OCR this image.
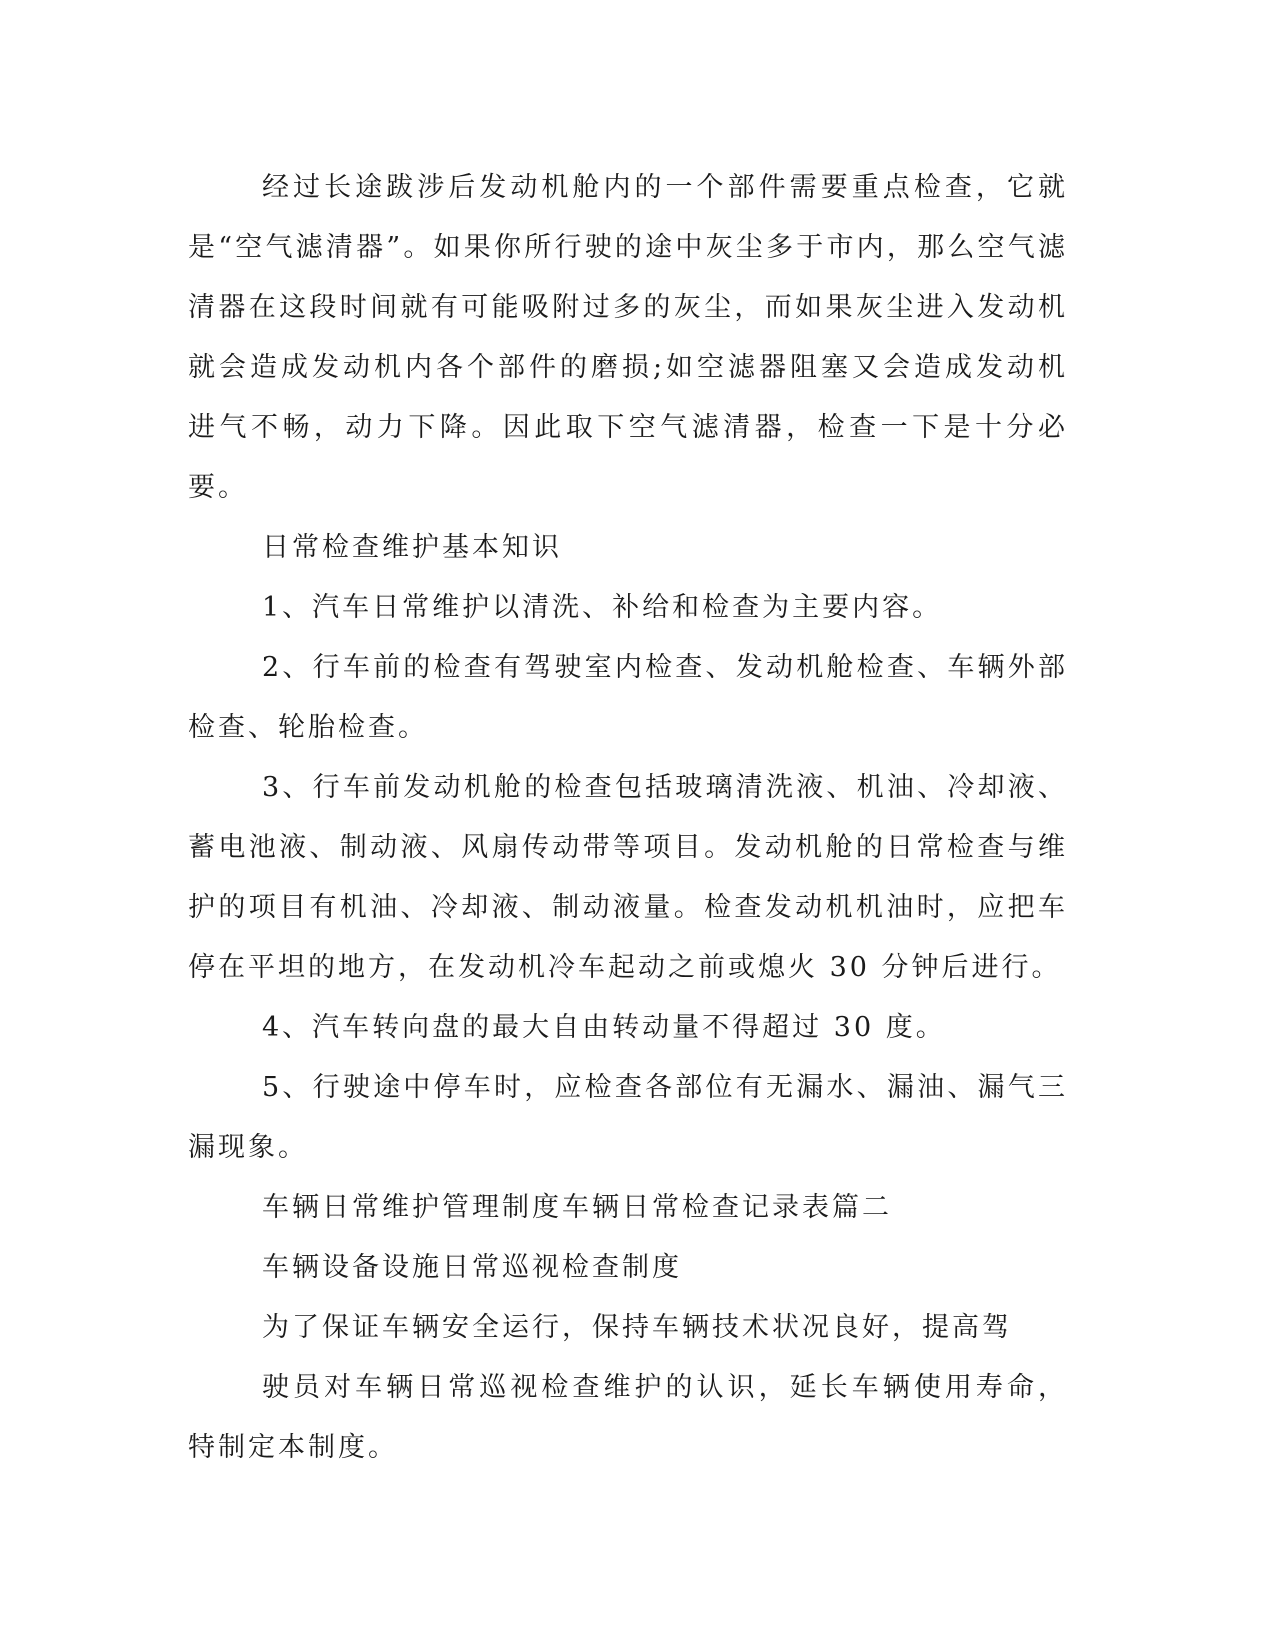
经过长途跋涉后发动机舱内的一个部件需要重点检查，它就是“空气滤清器”。如果你所行驶的途中灰尘多于市内，那么空气滤清器在这段时间就有可能吸附过多的灰尘，而如果灰尘进入发动机就会造成发动机内各个部件的磨损;如空滤器阻塞又会造成发动机进气不畅，动力下降。因此取下空气滤清器，检查一下是十分必要。

日常检查维护基本知识

1、汽车日常维护以清洗、补给和检查为主要内容。

2、行车前的检查有驾驶室内检查、发动机舱检查、车辆外部检查、轮胎检查。

3、行车前发动机舱的检查包括玻璃清洗液、机油、冷却液、蓄电池液、制动液、风扇传动带等项目。发动机舱的日常检查与维护的项目有机油、冷却液、制动液量。检查发动机机油时，应把车停在平坦的地方，在发动机冷车起动之前或熄火 30 分钟后进行。

4、汽车转向盘的最大自由转动量不得超过 30 度。

5、行驶途中停车时，应检查各部位有无漏水、漏油、漏气三漏现象。

车辆日常维护管理制度车辆日常检查记录表篇二

车辆设备设施日常巡视检查制度

为了保证车辆安全运行，保持车辆技术状况良好，提高驾

驶员对车辆日常巡视检查维护的认识，延长车辆使用寿命，特制定本制度。
